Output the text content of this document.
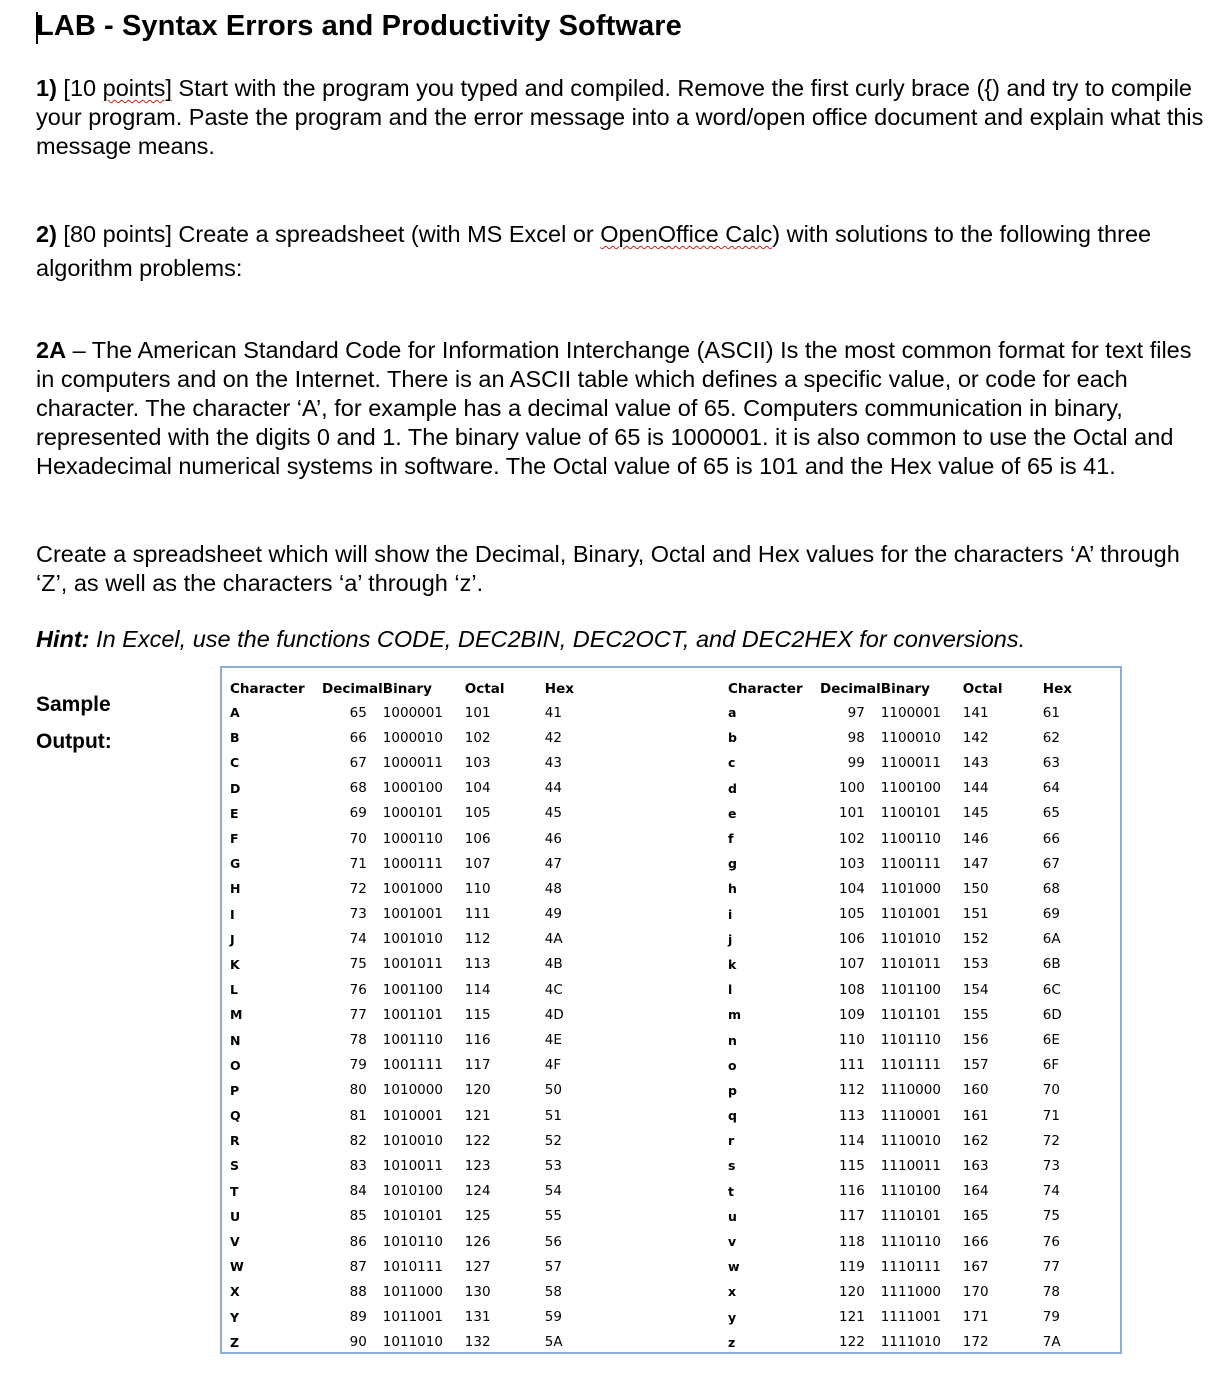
LAB - Syntax Errors and Productivity Software
1) [10 points] Start with the program you typed and compiled. Remove the first curly brace ({) and try to compile your program. Paste the program and the error message into a word/open office document and explain what this message means.
2) [80 points] Create a spreadsheet (with MS Excel or OpenOffice Calc) with solutions to the following three algorithm problems:
2A – The American Standard Code for Information Interchange (ASCII) Is the most common format for text files in computers and on the Internet. There is an ASCII table which defines a specific value, or code for each character. The character ‘A’, for example has a decimal value of 65. Computers communication in binary, represented with the digits 0 and 1. The binary value of 65 is 1000001. it is also common to use the Octal and Hexadecimal numerical systems in software. The Octal value of 65 is 101 and the Hex value of 65 is 41.
Create a spreadsheet which will show the Decimal, Binary, Octal and Hex values for the characters ‘A’ through ‘Z’, as well as the characters ‘a’ through ‘z’.
Hint: In Excel, use the functions CODE, DEC2BIN, DEC2OCT, and DEC2HEX for conversions.
Sample
Output:
Character	Decimal	Binary	Octal	Hex
A	65	1000001	101	41
B	66	1000010	102	42
C	67	1000011	103	43
D	68	1000100	104	44
E	69	1000101	105	45
F	70	1000110	106	46
G	71	1000111	107	47
H	72	1001000	110	48
I	73	1001001	111	49
J	74	1001010	112	4A
K	75	1001011	113	4B
L	76	1001100	114	4C
M	77	1001101	115	4D
N	78	1001110	116	4E
O	79	1001111	117	4F
P	80	1010000	120	50
Q	81	1010001	121	51
R	82	1010010	122	52
S	83	1010011	123	53
T	84	1010100	124	54
U	85	1010101	125	55
V	86	1010110	126	56
W	87	1010111	127	57
X	88	1011000	130	58
Y	89	1011001	131	59
Z	90	1011010	132	5A
Character	Decimal	Binary	Octal	Hex
a	97	1100001	141	61
b	98	1100010	142	62
c	99	1100011	143	63
d	100	1100100	144	64
e	101	1100101	145	65
f	102	1100110	146	66
g	103	1100111	147	67
h	104	1101000	150	68
i	105	1101001	151	69
j	106	1101010	152	6A
k	107	1101011	153	6B
l	108	1101100	154	6C
m	109	1101101	155	6D
n	110	1101110	156	6E
o	111	1101111	157	6F
p	112	1110000	160	70
q	113	1110001	161	71
r	114	1110010	162	72
s	115	1110011	163	73
t	116	1110100	164	74
u	117	1110101	165	75
v	118	1110110	166	76
w	119	1110111	167	77
x	120	1111000	170	78
y	121	1111001	171	79
z	122	1111010	172	7A
